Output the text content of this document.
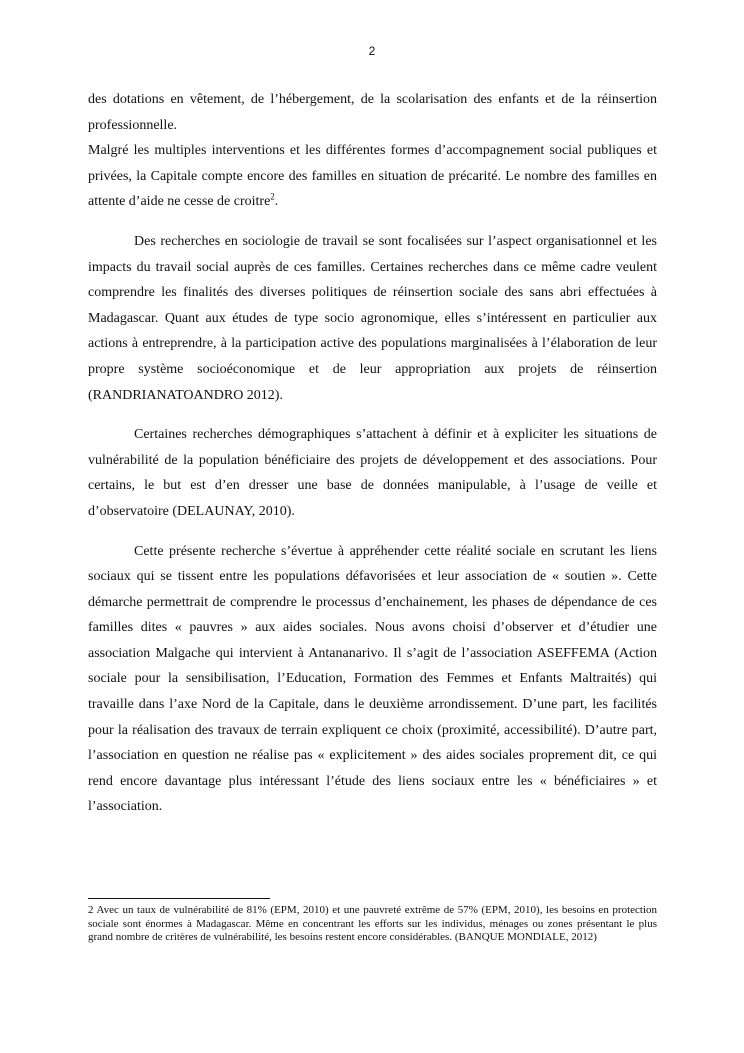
2

des dotations en vêtement, de l’hébergement, de la scolarisation des enfants et de la réinsertion professionnelle.

Malgré les multiples interventions et les différentes formes d’accompagnement social publiques et privées, la Capitale compte encore des familles en situation de précarité. Le nombre des familles en attente d’aide ne cesse de croitre$^2$.

Des recherches en sociologie de travail se sont focalisées sur l’aspect organisationnel et les impacts du travail social auprès de ces familles. Certaines recherches dans ce même cadre veulent comprendre les finalités des diverses politiques de réinsertion sociale des sans abri effectuées à Madagascar. Quant aux études de type socio agronomique, elles s’intéressent en particulier aux actions à entreprendre, à la participation active des populations marginalisées à l’élaboration de leur propre système socioéconomique et de leur appropriation aux projets de réinsertion (RANDRIANATOANDRO 2012).

Certaines recherches démographiques s’attachent à définir et à expliciter les situations de vulnérabilité de la population bénéficiaire des projets de développement et des associations. Pour certains, le but est d’en dresser une base de données manipulable, à l’usage de veille et d’observatoire (DELAUNAY, 2010).

Cette présente recherche s’évertue à appréhender cette réalité sociale en scrutant les liens sociaux qui se tissent entre les populations défavorisées et leur association de « soutien ». Cette démarche permettrait de comprendre le processus d’enchainement, les phases de dépendance de ces familles dites « pauvres » aux aides sociales. Nous avons choisi d’observer et d’étudier une association Malgache qui intervient à Antananarivo. Il s’agit de l’association ASEFFEMA (Action sociale pour la sensibilisation, l’Education, Formation des Femmes et Enfants Maltraités) qui travaille dans l’axe Nord de la Capitale, dans le deuxième arrondissement. D’une part, les facilités pour la réalisation des travaux de terrain expliquent ce choix (proximité, accessibilité). D’autre part, l’association en question ne réalise pas « explicitement » des aides sociales proprement dit, ce qui rend encore davantage plus intéressant l’étude des liens sociaux entre les « bénéficiaires » et l’association.

2 Avec un taux de vulnérabilité de 81% (EPM, 2010) et une pauvreté extrême de 57% (EPM, 2010), les besoins en protection sociale sont énormes à Madagascar. Même en concentrant les efforts sur les individus, ménages ou zones présentant le plus grand nombre de critères de vulnérabilité, les besoins restent encore considérables. (BANQUE MONDIALE, 2012)
